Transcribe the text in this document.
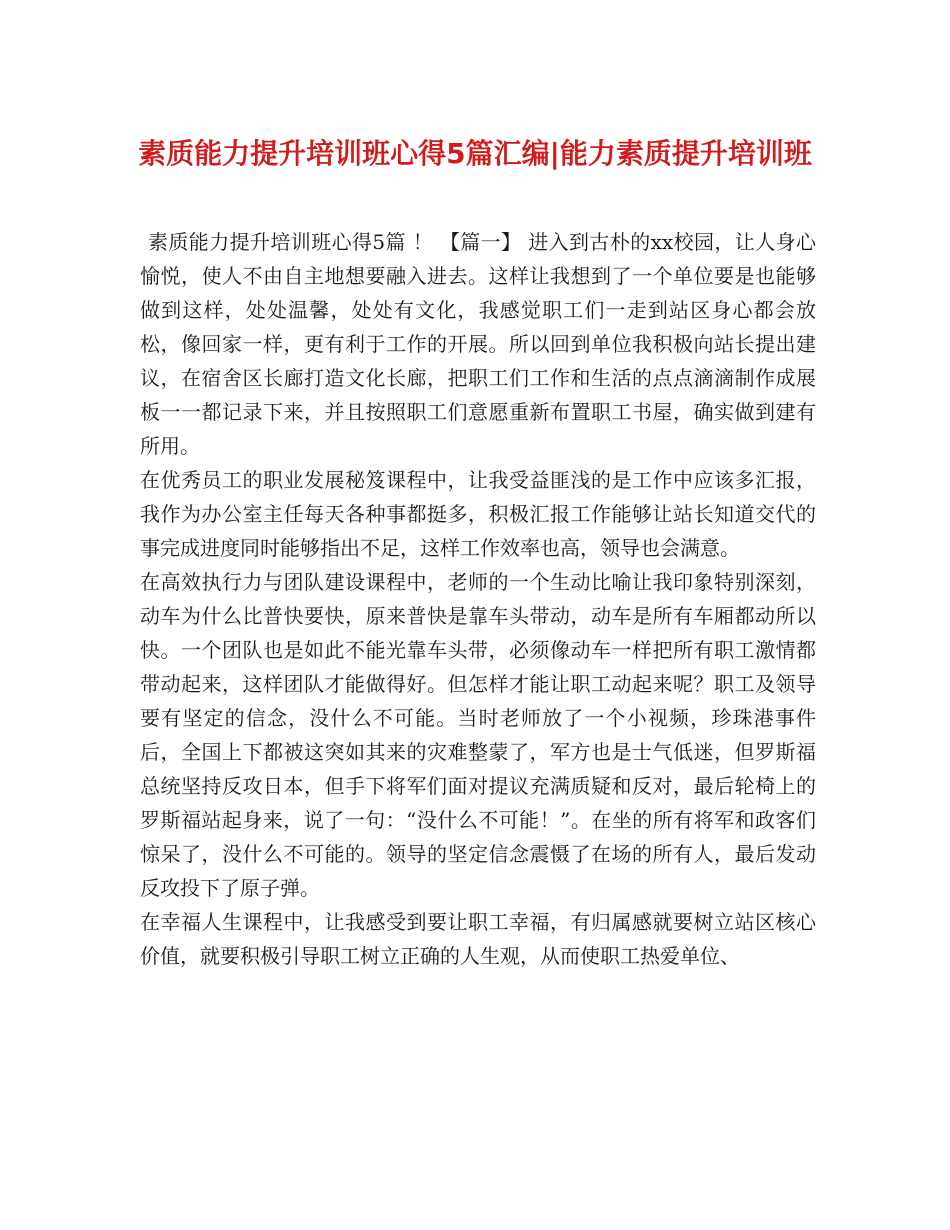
素质能力提升培训班心得5篇汇编|能力素质提升培训班

素质能力提升培训班心得5篇 ！ 【篇一】 进入到古朴的xx校园，让人身心愉悦，使人不由自主地想要融入进去。这样让我想到了一个单位要是也能够做到这样，处处温馨，处处有文化，我感觉职工们一走到站区身心都会放松，像回家一样，更有利于工作的开展。所以回到单位我积极向站长提出建议，在宿舍区长廊打造文化长廊，把职工们工作和生活的点点滴滴制作成展板一一都记录下来，并且按照职工们意愿重新布置职工书屋，确实做到建有所用。

在优秀员工的职业发展秘笈课程中，让我受益匪浅的是工作中应该多汇报，我作为办公室主任每天各种事都挺多，积极汇报工作能够让站长知道交代的事完成进度同时能够指出不足，这样工作效率也高，领导也会满意。

在高效执行力与团队建设课程中，老师的一个生动比喻让我印象特别深刻，动车为什么比普快要快，原来普快是靠车头带动，动车是所有车厢都动所以快。一个团队也是如此不能光靠车头带，必须像动车一样把所有职工激情都带动起来，这样团队才能做得好。但怎样才能让职工动起来呢？职工及领导要有坚定的信念，没什么不可能。当时老师放了一个小视频，珍珠港事件后，全国上下都被这突如其来的灾难整蒙了，军方也是士气低迷，但罗斯福总统坚持反攻日本，但手下将军们面对提议充满质疑和反对，最后轮椅上的罗斯福站起身来，说了一句：“没什么不可能！”。在坐的所有将军和政客们惊呆了，没什么不可能的。领导的坚定信念震慑了在场的所有人，最后发动反攻投下了原子弹。

在幸福人生课程中，让我感受到要让职工幸福，有归属感就要树立站区核心价值，就要积极引导职工树立正确的人生观，从而使职工热爱单位、
